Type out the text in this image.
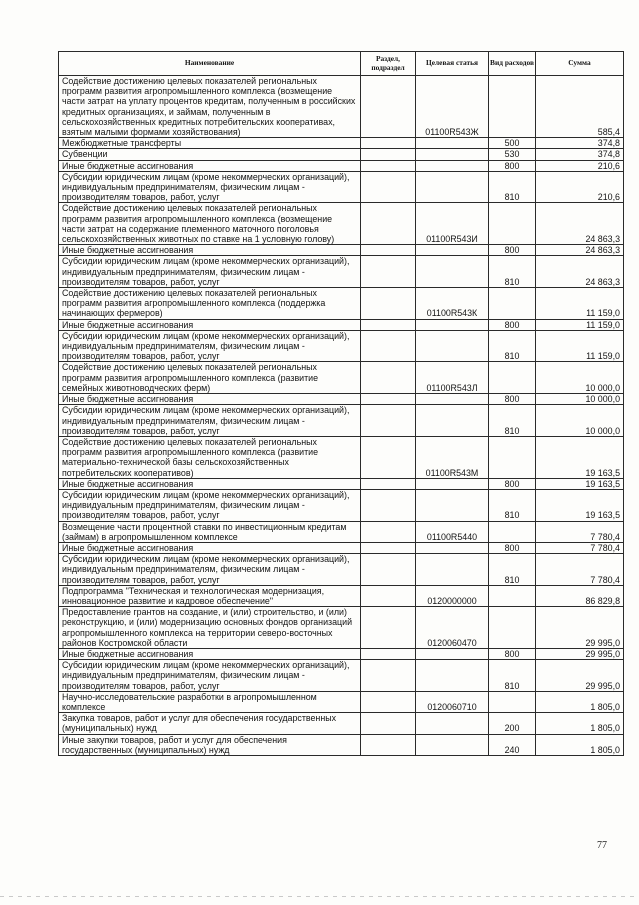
Наименование	Раздел, подраздел	Целевая статья	Вид расходов	Сумма
Содействие достижению целевых показателей региональных программ развития агропромышленного комплекса (возмещение части затрат на уплату процентов кредитам, полученным в российских кредитных организациях, и займам, полученным в сельскохозяйственных кредитных потребительских кооперативах, взятым малыми формами хозяйствования)		01100R543Ж		585,4
Межбюджетные трансферты			500	374,8
Субвенции			530	374,8
Иные бюджетные ассигнования			800	210,6
Субсидии юридическим лицам (кроме некоммерческих организаций), индивидуальным предпринимателям, физическим лицам - производителям товаров, работ, услуг			810	210,6
Содействие достижению целевых показателей региональных программ развития агропромышленного комплекса (возмещение части затрат на содержание племенного маточного поголовья сельскохозяйственных животных по ставке на 1 условную голову)		01100R543И		24 863,3
Иные бюджетные ассигнования			800	24 863,3
Субсидии юридическим лицам (кроме некоммерческих организаций), индивидуальным предпринимателям, физическим лицам - производителям товаров, работ, услуг			810	24 863,3
Содействие достижению целевых показателей региональных программ развития агропромышленного комплекса (поддержка начинающих фермеров)		01100R543К		11 159,0
Иные бюджетные ассигнования			800	11 159,0
Субсидии юридическим лицам (кроме некоммерческих организаций), индивидуальным предпринимателям, физическим лицам - производителям товаров, работ, услуг			810	11 159,0
Содействие достижению целевых показателей региональных программ развития агропромышленного комплекса (развитие семейных животноводческих ферм)		01100R543Л		10 000,0
Иные бюджетные ассигнования			800	10 000,0
Субсидии юридическим лицам (кроме некоммерческих организаций), индивидуальным предпринимателям, физическим лицам - производителям товаров, работ, услуг			810	10 000,0
Содействие достижению целевых показателей региональных программ развития агропромышленного комплекса (развитие материально-технической базы сельскохозяйственных потребительских кооперативов)		01100R543М		19 163,5
Иные бюджетные ассигнования			800	19 163,5
Субсидии юридическим лицам (кроме некоммерческих организаций), индивидуальным предпринимателям, физическим лицам - производителям товаров, работ, услуг			810	19 163,5
Возмещение части процентной ставки по инвестиционным кредитам (займам) в агропромышленном комплексе		01100R5440		7 780,4
Иные бюджетные ассигнования			800	7 780,4
Субсидии юридическим лицам (кроме некоммерческих организаций), индивидуальным предпринимателям, физическим лицам - производителям товаров, работ, услуг			810	7 780,4
Подпрограмма "Техническая и технологическая модернизация, инновационное развитие и кадровое обеспечение"		0120000000		86 829,8
Предоставление грантов на создание, и (или) строительство, и (или) реконструкцию, и (или) модернизацию основных фондов организаций агропромышленного комплекса на территории северо-восточных районов Костромской области		0120060470		29 995,0
Иные бюджетные ассигнования			800	29 995,0
Субсидии юридическим лицам (кроме некоммерческих организаций), индивидуальным предпринимателям, физическим лицам - производителям товаров, работ, услуг			810	29 995,0
Научно-исследовательские разработки в агропромышленном комплексе		0120060710		1 805,0
Закупка товаров, работ и услуг для обеспечения государственных (муниципальных) нужд			200	1 805,0
Иные закупки товаров, работ и услуг для обеспечения государственных (муниципальных) нужд			240	1 805,0
77
